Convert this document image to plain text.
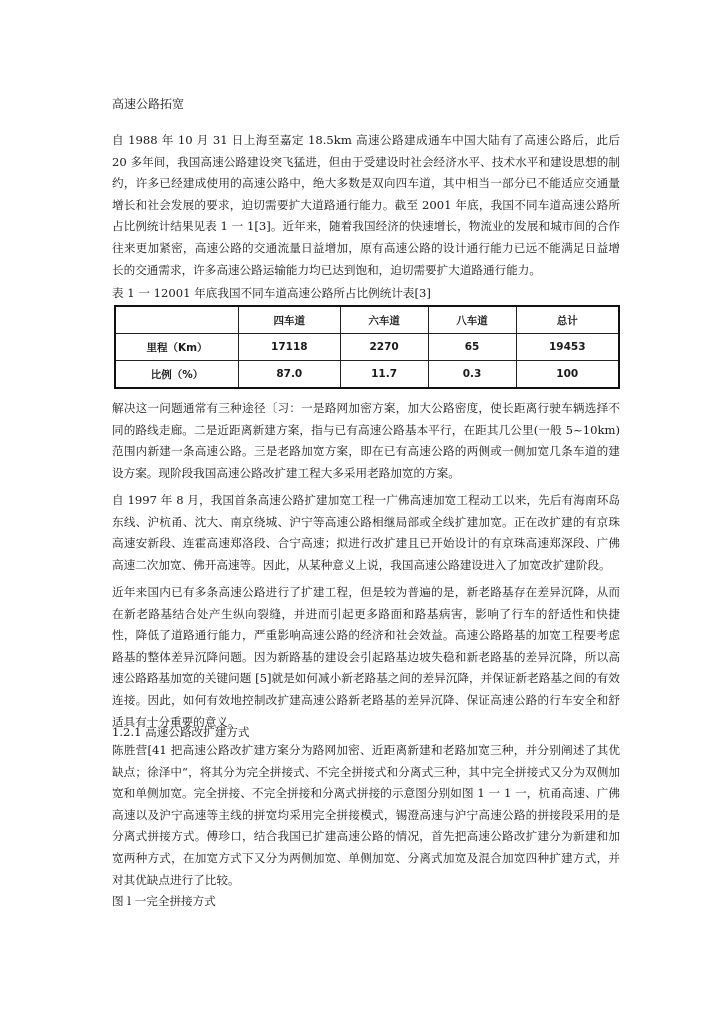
高速公路拓宽

自 1988 年 10 月 31 日上海至嘉定 18.5km 高速公路建成通车中国大陆有了高速公路后，此后 20 多年间，我国高速公路建设突飞猛进，但由于受建设时社会经济水平、技术水平和建设思想的制约，许多已经建成使用的高速公路中，绝大多数是双向四车道，其中相当一部分已不能适应交通量增长和社会发展的要求，迫切需要扩大道路通行能力。截至 2001 年底，我国不同车道高速公路所占比例统计结果见表 1 一 1[3]。近年来，随着我国经济的快速增长，物流业的发展和城市间的合作往来更加紧密，高速公路的交通流量日益增加，原有高速公路的设计通行能力已远不能满足日益增长的交通需求，许多高速公路运输能力均已达到饱和，迫切需要扩大道路通行能力。

表 1 一 12001 年底我国不同车道高速公路所占比例统计表[3]
	四车道	六车道	八车道	总计
里程（Km）	17118	2270	65	19453
比例（%）	87.0	11.7	0.3	100

解决这一问题通常有三种途径〔习：一是路网加密方案，加大公路密度，使长距离行驶车辆选择不同的路线走廊。二是近距离新建方案，指与已有高速公路基本平行，在距其几公里(一般 5~10km)范围内新建一条高速公路。三是老路加宽方案，即在已有高速公路的两侧或一侧加宽几条车道的建设方案。现阶段我国高速公路改扩建工程大多采用老路加宽的方案。

自 1997 年 8 月，我国首条高速公路扩建加宽工程一广佛高速加宽工程动工以来，先后有海南环岛东线、沪杭甬、沈大、南京绕城、沪宁等高速公路相继局部或全线扩建加宽。正在改扩建的有京珠高速安新段、连霍高速郑洛段、合宁高速；拟进行改扩建且已开始设计的有京珠高速郑深段、广佛高速二次加宽、佛开高速等。因此，从某种意义上说，我国高速公路建设进入了加宽改扩建阶段。

近年来国内已有多条高速公路进行了扩建工程，但是较为普遍的是，新老路基存在差异沉降，从而在新老路基结合处产生纵向裂缝，并进而引起更多路面和路基病害，影响了行车的舒适性和快捷性，降低了道路通行能力，严重影响高速公路的经济和社会效益。高速公路路基的加宽工程要考虑路基的整体差异沉降问题。因为新路基的建设会引起路基边坡失稳和新老路基的差异沉降，所以高速公路路基加宽的关键问题 [5]就是如何减小新老路基之间的差异沉降，并保证新老路基之间的有效连接。因此，如何有效地控制改扩建高速公路新老路基的差异沉降、保证高速公路的行车安全和舒适具有十分重要的意义。

1.2.1 高速公路改扩建方式

陈胜营[41 把高速公路改扩建方案分为路网加密、近距离新建和老路加宽三种，并分别阐述了其优缺点；徐泽中“，将其分为完全拼接式、不完全拼接式和分离式三种，其中完全拼接式又分为双侧加宽和单侧加宽。完全拼接、不完全拼接和分离式拼接的示意图分别如图 1 一 1 一，杭甬高速、广佛高速以及沪宁高速等主线的拼宽均采用完全拼接模式，锡澄高速与沪宁高速公路的拼接段采用的是分离式拼接方式。傅珍口，结合我国已扩建高速公路的情况，首先把高速公路改扩建分为新建和加宽两种方式，在加宽方式下又分为两侧加宽、单侧加宽、分离式加宽及混合加宽四种扩建方式，并对其优缺点进行了比较。

图 l 一完全拼接方式
